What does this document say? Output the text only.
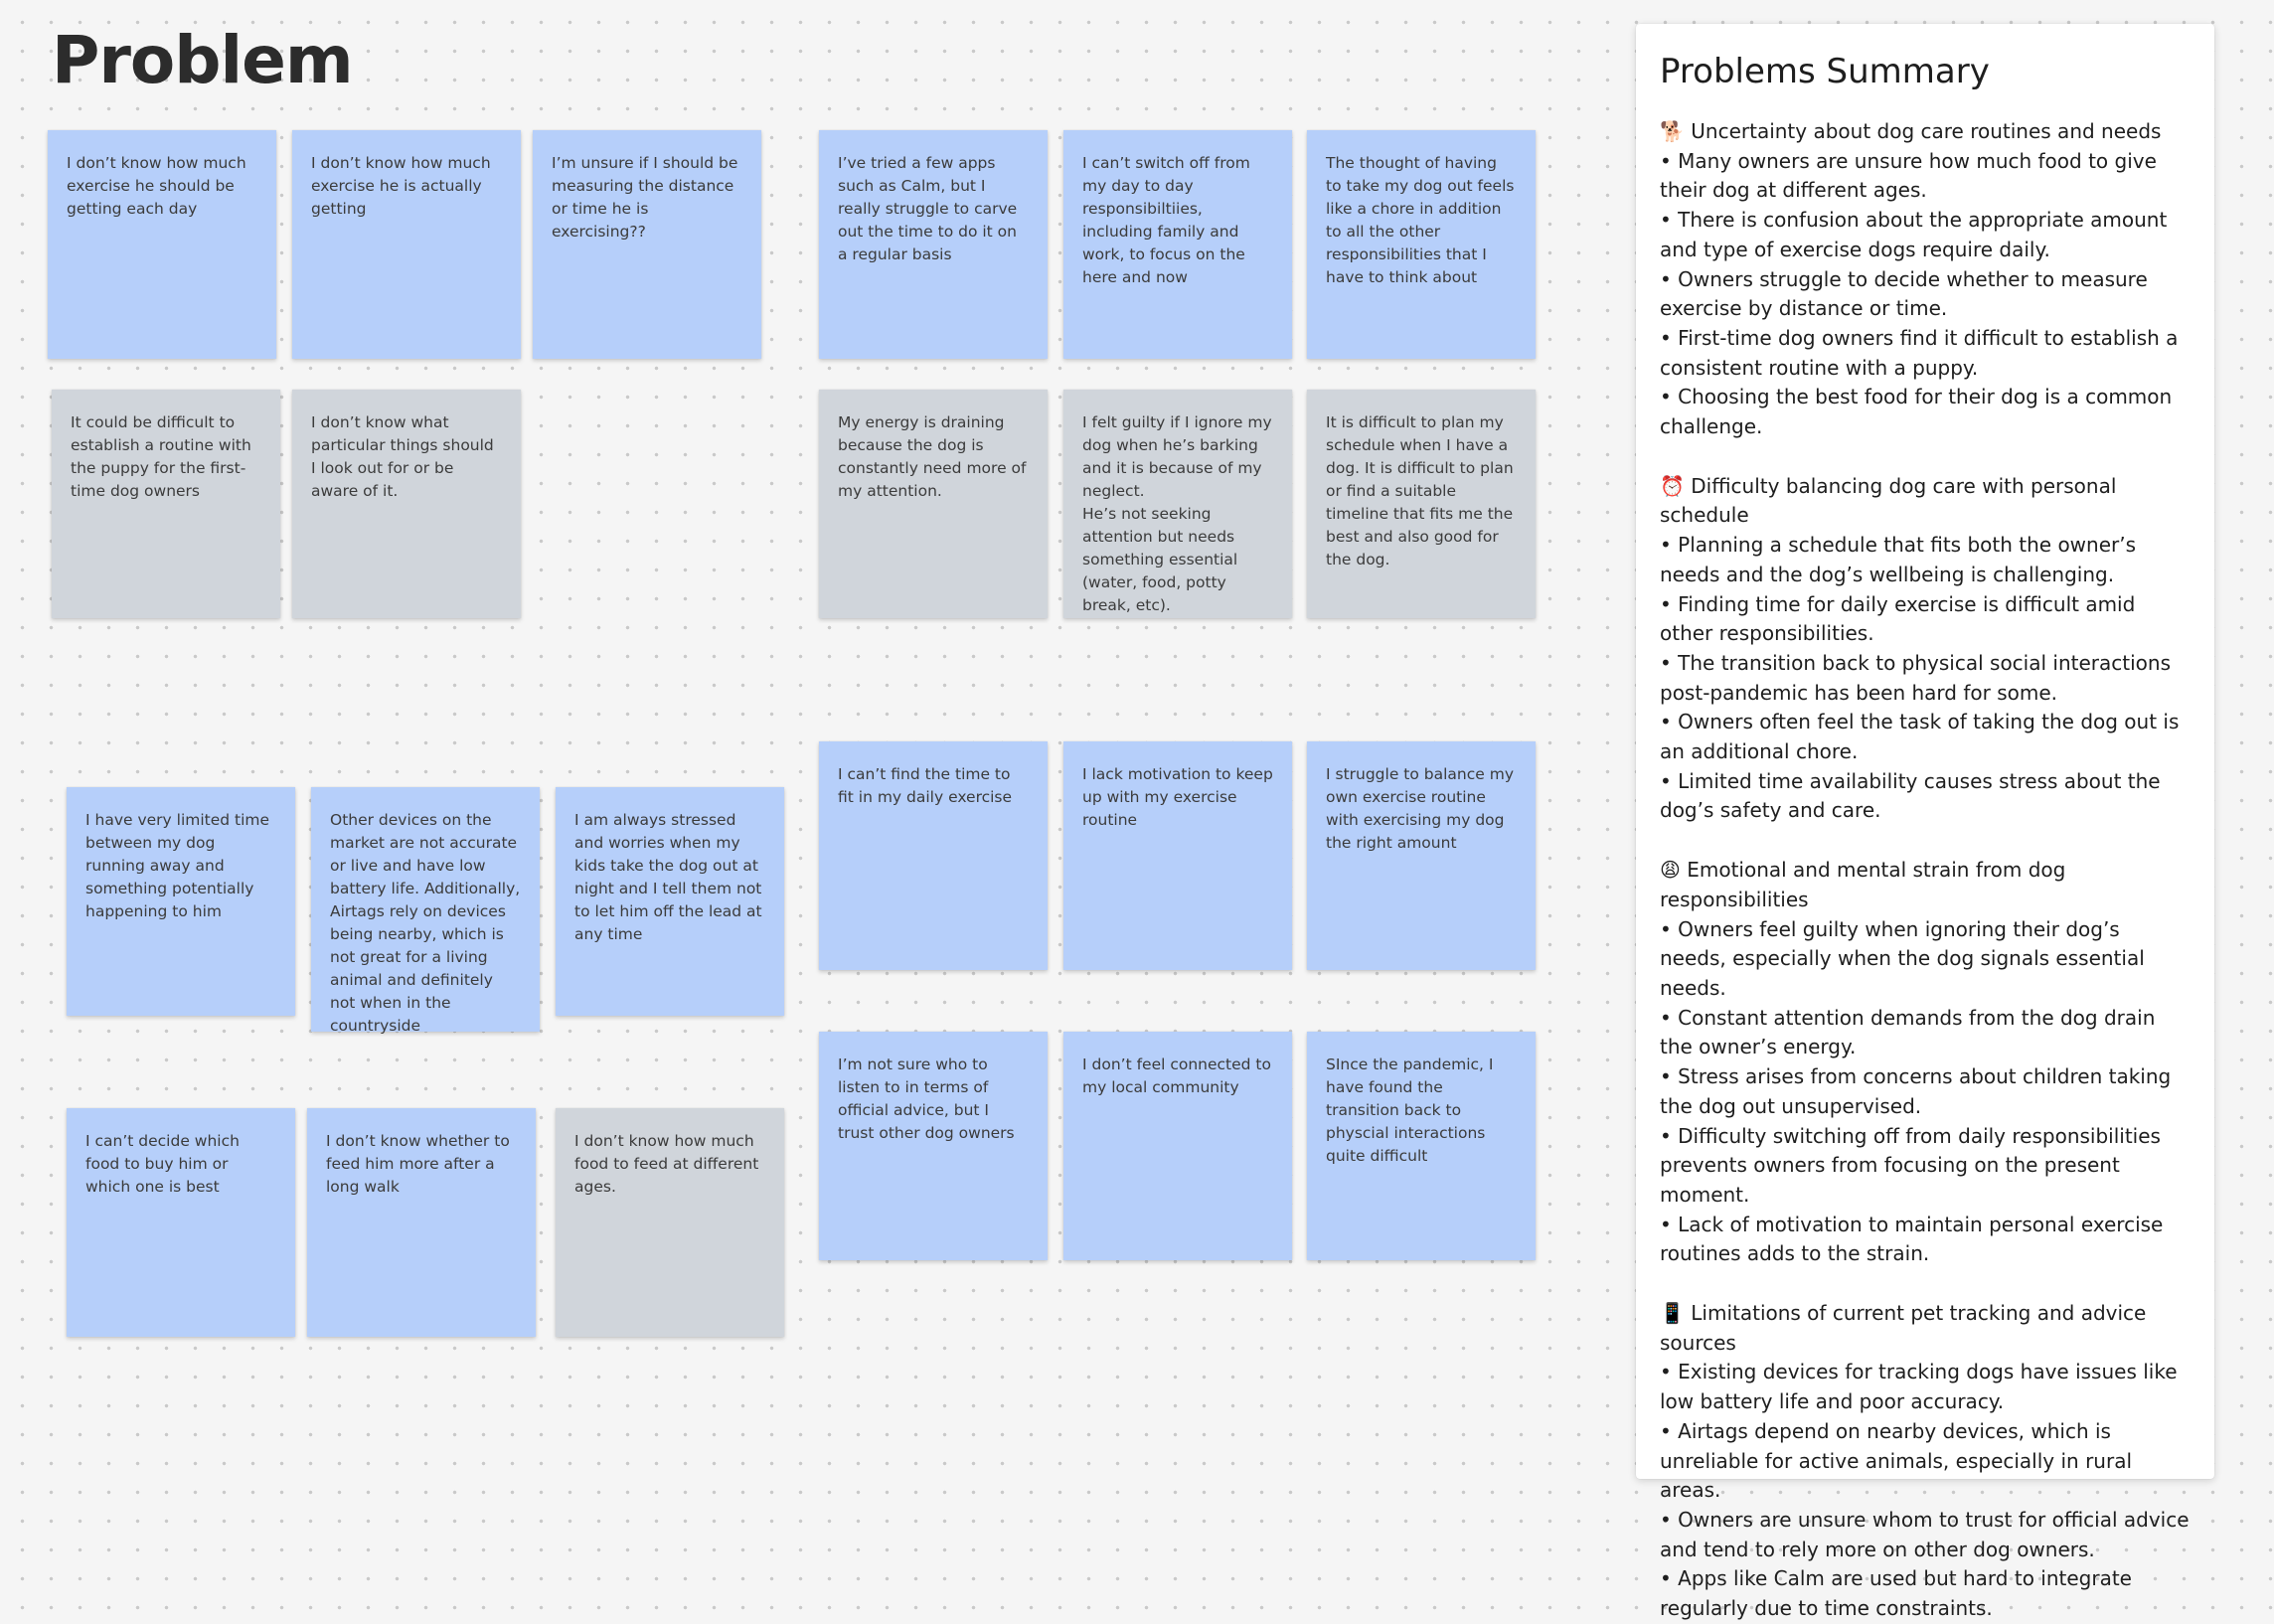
Problem
I don’t know how much exercise he should be getting each day
I don’t know how much exercise he is actually getting
I’m unsure if I should be measuring the distance or time he is exercising??
I’ve tried a few apps such as Calm, but I really struggle to carve out the time to do it on a regular basis
I can’t switch off from my day to day responsibiltiies, including family and work, to focus on the here and now
The thought of having to take my dog out feels like a chore in addition to all the other responsibilities that I have to think about
It could be difficult to establish a routine with the puppy for the first-time dog owners
I don’t know what particular things should I look out for or be aware of it.
My energy is draining because the dog is constantly need more of my attention.
I felt guilty if I ignore my dog when he’s barking and it is because of my neglect.
He’s not seeking attention but needs something essential (water, food, potty break, etc).
It is difficult to plan my schedule when I have a dog. It is difficult to plan or find a suitable timeline that fits me the best and also good for the dog.
I have very limited time between my dog running away and something potentially happening to him
Other devices on the market are not accurate or live and have low battery life. Additionally, Airtags rely on devices being nearby, which is not great for a living animal and definitely not when in the countryside
I am always stressed and worries when my kids take the dog out at night and I tell them not to let him off the lead at any time
I can’t find the time to fit in my daily exercise
I lack motivation to keep up with my exercise routine
I struggle to balance my own exercise routine with exercising my dog the right amount
I can’t decide which food to buy him or which one is best
I don’t know whether to feed him more after a long walk
I don’t know how much food to feed at different ages.
I’m not sure who to listen to in terms of official advice, but I trust other dog owners
I don’t feel connected to my local community
SInce the pandemic, I have found the transition back to physcial interactions quite difficult
Problems Summary
🐕 Uncertainty about dog care routines and needs
• Many owners are unsure how much food to give their dog at different ages.
• There is confusion about the appropriate amount and type of exercise dogs require daily.
• Owners struggle to decide whether to measure exercise by distance or time.
• First-time dog owners find it difficult to establish a consistent routine with a puppy.
• Choosing the best food for their dog is a common challenge.
⏰ Difficulty balancing dog care with personal schedule
• Planning a schedule that fits both the owner’s needs and the dog’s wellbeing is challenging.
• Finding time for daily exercise is difficult amid other responsibilities.
• The transition back to physical social interactions post-pandemic has been hard for some.
• Owners often feel the task of taking the dog out is an additional chore.
• Limited time availability causes stress about the dog’s safety and care.
😩 Emotional and mental strain from dog responsibilities
• Owners feel guilty when ignoring their dog’s needs, especially when the dog signals essential needs.
• Constant attention demands from the dog drain the owner’s energy.
• Stress arises from concerns about children taking the dog out unsupervised.
• Difficulty switching off from daily responsibilities prevents owners from focusing on the present moment.
• Lack of motivation to maintain personal exercise routines adds to the strain.
📱 Limitations of current pet tracking and advice sources
• Existing devices for tracking dogs have issues like low battery life and poor accuracy.
• Airtags depend on nearby devices, which is unreliable for active animals, especially in rural areas.
• Owners are unsure whom to trust for official advice and tend to rely more on other dog owners.
• Apps like Calm are used but hard to integrate regularly due to time constraints.
